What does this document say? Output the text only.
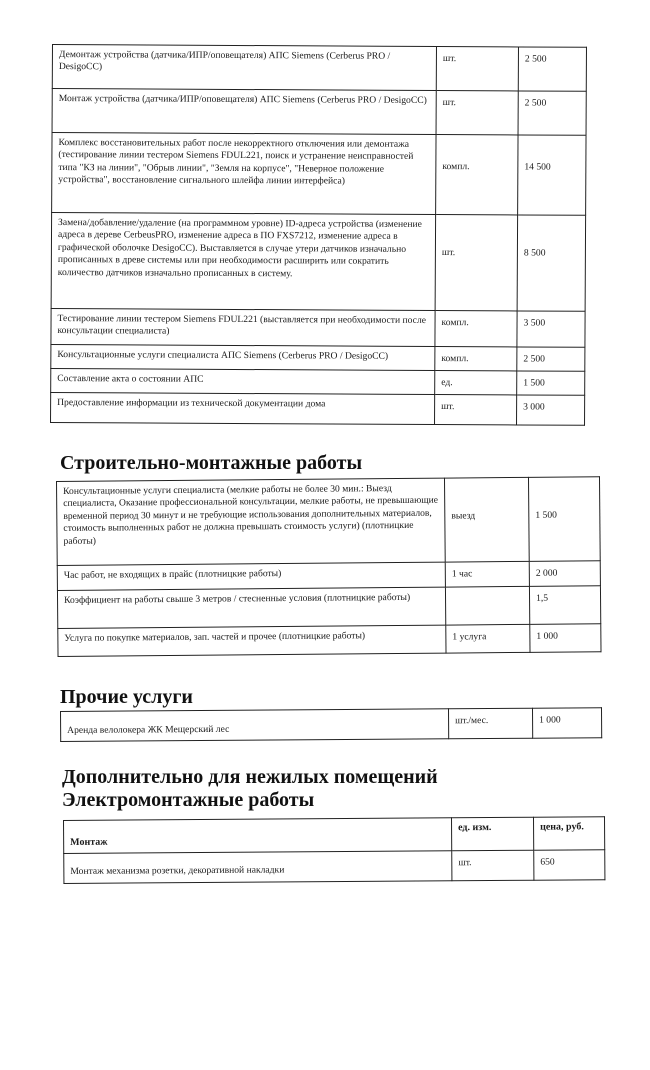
Демонтаж устройства (датчика/ИПР/оповещателя) АПС Siemens (Cerberus PRO / DesigoCC)	шт.	2 500
Монтаж устройства (датчика/ИПР/оповещателя) АПС Siemens (Cerberus PRO / DesigoCC)	шт.	2 500
Комплекс восстановительных работ после некорректного отключения или демонтажа (тестирование линии тестером Siemens FDUL221, поиск и устранение неисправностей типа "КЗ на линии", "Обрыв линии", "Земля на корпусе", "Неверное положение устройства", восстановление сигнального шлейфа линии интерфейса)	компл.	14 500
Замена/добавление/удаление (на программном уровне) ID-адреса устройства (изменение адреса в дереве CerbeusPRO, изменение адреса в ПО FXS7212, изменение адреса в графической оболочке DesigoCC). Выставляется в случае утери датчиков изначально прописанных в древе системы или при необходимости расширить или сократить количество датчиков изначально прописанных в систему.	шт.	8 500
Тестирование линии тестером Siemens FDUL221 (выставляется при необходимости после консультации специалиста)	компл.	3 500
Консультационные услуги специалиста АПС Siemens (Cerberus PRO / DesigoCC)	компл.	2 500
Составление акта о состоянии АПС	ед.	1 500
Предоставление информации из технической документации дома	шт.	3 000
Строительно-монтажные работы
Консультационные услуги специалиста (мелкие работы не более 30 мин.: Выезд специалиста, Оказание профессиональной консультации, мелкие работы, не превышающие временной период 30 минут и не требующие использования дополнительных материалов, стоимость выполненных работ не должна превышать стоимость услуги) (плотницкие работы)	выезд	1 500
Час работ, не входящих в прайс (плотницкие работы)	1 час	2 000
Коэффициент на работы свыше 3 метров / стесненные условия (плотницкие работы)		1,5
Услуга по покупке материалов, зап. частей и прочее (плотницкие работы)	1 услуга	1 000
Прочие услуги
Аренда велолокера ЖК Мещерский лес	шт./мес.	1 000
Дополнительно для нежилых помещений
Электромонтажные работы
Монтаж	ед. изм.	цена, руб.
Монтаж механизма розетки, декоративной накладки	шт.	650
